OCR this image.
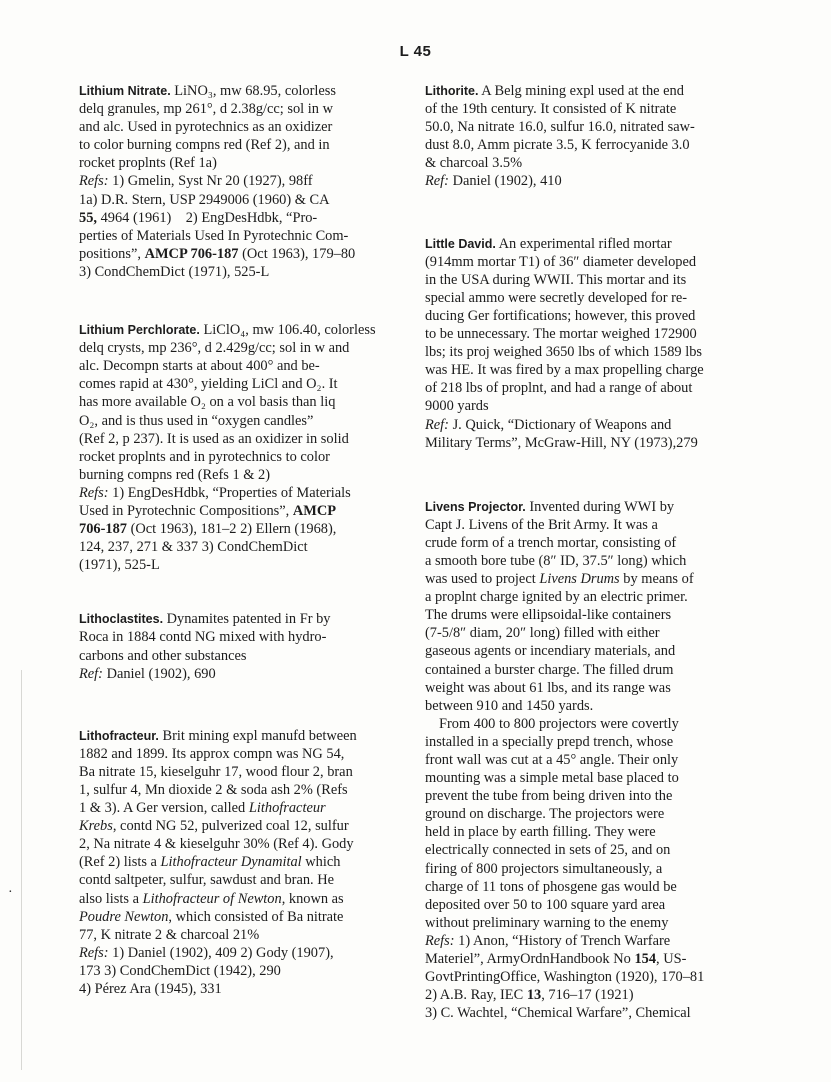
L 45
·
Lithium Nitrate. LiNO₃, mw 68.95, colorless
delq granules, mp 261°, d 2.38g/cc; sol in w
and alc. Used in pyrotechnics as an oxidizer
to color burning compns red (Ref 2), and in
rocket proplnts (Ref 1a)
Refs: 1) Gmelin, Syst Nr 20 (1927), 98ff
1a) D.R. Stern, USP 2949006 (1960) & CA
55, 4964 (1961) 2) EngDesHdbk, “Pro-
perties of Materials Used In Pyrotechnic Com-
positions”, AMCP 706-187 (Oct 1963), 179–80
3) CondChemDict (1971), 525-L
Lithium Perchlorate. LiClO₄, mw 106.40, colorless
delq crysts, mp 236°, d 2.429g/cc; sol in w and
alc. Decompn starts at about 400° and be-
comes rapid at 430°, yielding LiCl and O₂. It
has more available O₂ on a vol basis than liq
O₂, and is thus used in “oxygen candles”
(Ref 2, p 237). It is used as an oxidizer in solid
rocket proplnts and in pyrotechnics to color
burning compns red (Refs 1 & 2)
Refs: 1) EngDesHdbk, “Properties of Materials
Used in Pyrotechnic Compositions”, AMCP
706-187 (Oct 1963), 181–2 2) Ellern (1968),
124, 237, 271 & 337 3) CondChemDict
(1971), 525-L
Lithoclastites. Dynamites patented in Fr by
Roca in 1884 contd NG mixed with hydro-
carbons and other substances
Ref: Daniel (1902), 690
Lithofracteur. Brit mining expl manufd between
1882 and 1899. Its approx compn was NG 54,
Ba nitrate 15, kieselguhr 17, wood flour 2, bran
1, sulfur 4, Mn dioxide 2 & soda ash 2% (Refs
1 & 3). A Ger version, called Lithofracteur
Krebs, contd NG 52, pulverized coal 12, sulfur
2, Na nitrate 4 & kieselguhr 30% (Ref 4). Gody
(Ref 2) lists a Lithofracteur Dynamital which
contd saltpeter, sulfur, sawdust and bran. He
also lists a Lithofracteur of Newton, known as
Poudre Newton, which consisted of Ba nitrate
77, K nitrate 2 & charcoal 21%
Refs: 1) Daniel (1902), 409 2) Gody (1907),
173 3) CondChemDict (1942), 290
4) Pérez Ara (1945), 331
Lithorite. A Belg mining expl used at the end
of the 19th century. It consisted of K nitrate
50.0, Na nitrate 16.0, sulfur 16.0, nitrated saw-
dust 8.0, Amm picrate 3.5, K ferrocyanide 3.0
& charcoal 3.5%
Ref: Daniel (1902), 410
Little David. An experimental rifled mortar
(914mm mortar T1) of 36″ diameter developed
in the USA during WWII. This mortar and its
special ammo were secretly developed for re-
ducing Ger fortifications; however, this proved
to be unnecessary. The mortar weighed 172900
lbs; its proj weighed 3650 lbs of which 1589 lbs
was HE. It was fired by a max propelling charge
of 218 lbs of proplnt, and had a range of about
9000 yards
Ref: J. Quick, “Dictionary of Weapons and
Military Terms”, McGraw-Hill, NY (1973),279
Livens Projector. Invented during WWI by
Capt J. Livens of the Brit Army. It was a
crude form of a trench mortar, consisting of
a smooth bore tube (8″ ID, 37.5″ long) which
was used to project Livens Drums by means of
a proplnt charge ignited by an electric primer.
The drums were ellipsoidal-like containers
(7-5/8″ diam, 20″ long) filled with either
gaseous agents or incendiary materials, and
contained a burster charge. The filled drum
weight was about 61 lbs, and its range was
between 910 and 1450 yards.
From 400 to 800 projectors were covertly
installed in a specially prepd trench, whose
front wall was cut at a 45° angle. Their only
mounting was a simple metal base placed to
prevent the tube from being driven into the
ground on discharge. The projectors were
held in place by earth filling. They were
electrically connected in sets of 25, and on
firing of 800 projectors simultaneously, a
charge of 11 tons of phosgene gas would be
deposited over 50 to 100 square yard area
without preliminary warning to the enemy
Refs: 1) Anon, “History of Trench Warfare
Materiel”, ArmyOrdnHandbook No 154, US-
GovtPrintingOffice, Washington (1920), 170–81
2) A.B. Ray, IEC 13, 716–17 (1921)
3) C. Wachtel, “Chemical Warfare”, Chemical
